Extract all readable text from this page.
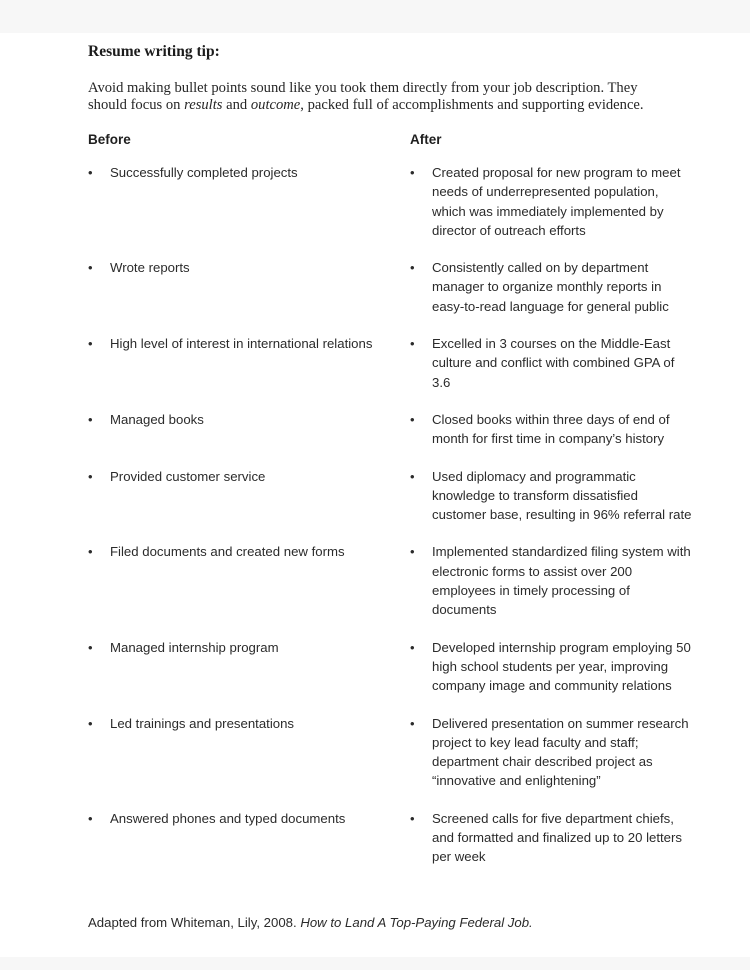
Resume writing tip:

Avoid making bullet points sound like you took them directly from your job description. They should focus on results and outcome, packed full of accomplishments and supporting evidence.

Before	After
•	Successfully completed projects	•	Created proposal for new program to meet needs of underrepresented population, which was immediately implemented by director of outreach efforts
•	Wrote reports	•	Consistently called on by department manager to organize monthly reports in easy-to-read language for general public
•	High level of interest in international relations	•	Excelled in 3 courses on the Middle-East culture and conflict with combined GPA of 3.6
•	Managed books	•	Closed books within three days of end of month for first time in company’s history
•	Provided customer service	•	Used diplomacy and programmatic knowledge to transform dissatisfied customer base, resulting in 96% referral rate
•	Filed documents and created new forms	•	Implemented standardized filing system with electronic forms to assist over 200 employees in timely processing of documents
•	Managed internship program	•	Developed internship program employing 50 high school students per year, improving company image and community relations
•	Led trainings and presentations	•	Delivered presentation on summer research project to key lead faculty and staff; department chair described project as “innovative and enlightening”
•	Answered phones and typed documents	•	Screened calls for five department chiefs, and formatted and finalized up to 20 letters per week

Adapted from Whiteman, Lily, 2008. How to Land A Top-Paying Federal Job.
